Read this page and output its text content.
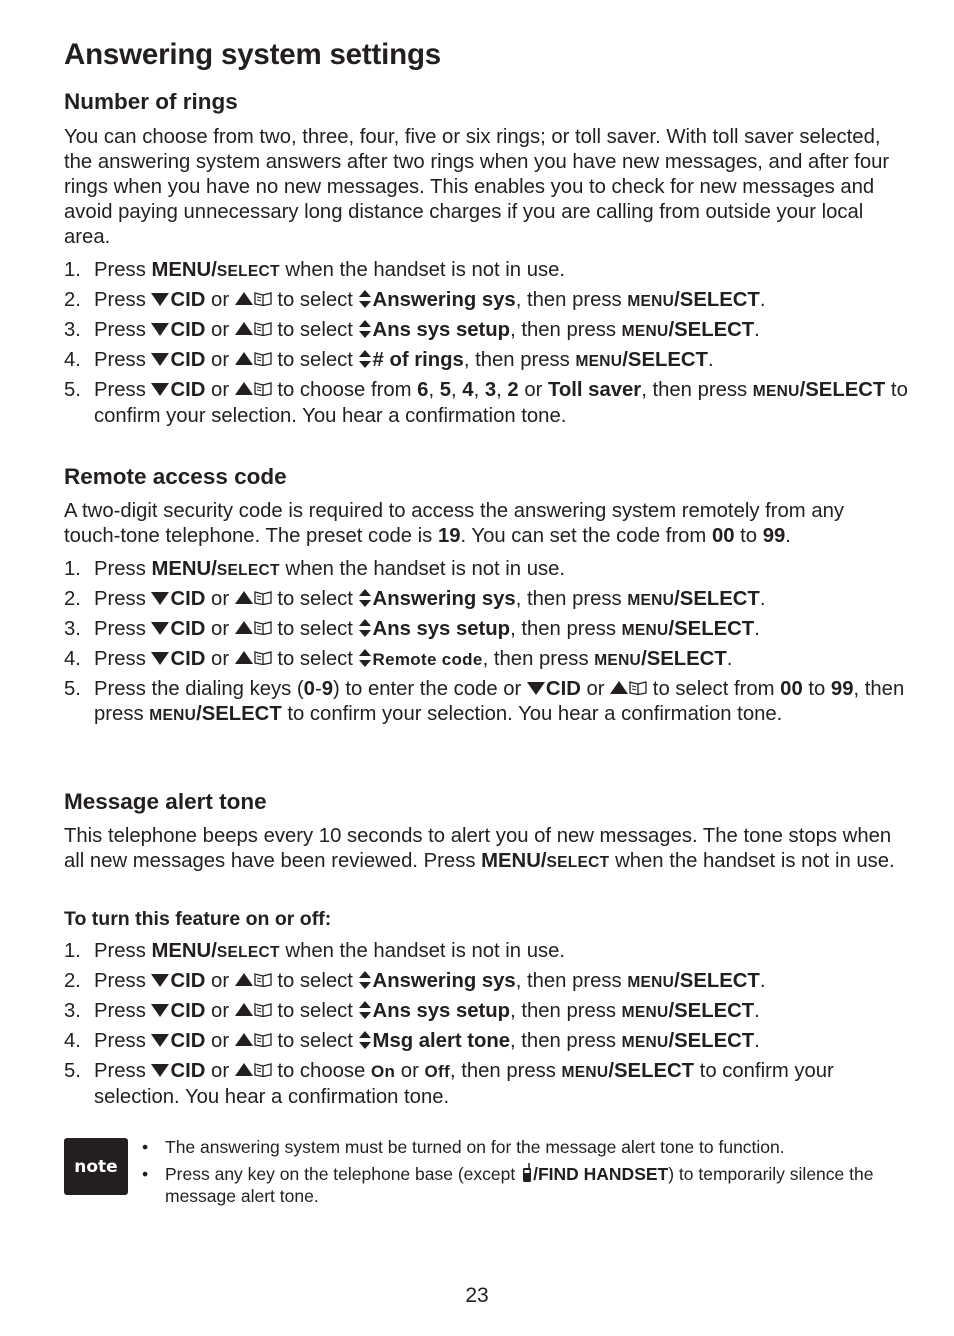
Answering system settings
Number of rings

You can choose from two, three, four, five or six rings; or toll saver. With toll saver selected, the answering system answers after two rings when you have new messages, and after four rings when you have no new messages. This enables you to check for new messages and avoid paying unnecessary long distance charges if you are calling from outside your local area.

1. Press MENU/SELECT when the handset is not in use.
2. Press CID or  to select Answering sys, then press MENU/SELECT.
3. Press CID or  to select Ans sys setup, then press MENU/SELECT.
4. Press CID or  to select # of rings, then press MENU/SELECT.
5. Press CID or  to choose from 6, 5, 4, 3, 2 or Toll saver, then press MENU/SELECT to confirm your selection. You hear a confirmation tone.
Remote access code

A two-digit security code is required to access the answering system remotely from any touch-tone telephone. The preset code is 19. You can set the code from 00 to 99.

1. Press MENU/SELECT when the handset is not in use.
2. Press CID or  to select Answering sys, then press MENU/SELECT.
3. Press CID or  to select Ans sys setup, then press MENU/SELECT.
4. Press CID or  to select Remote code, then press MENU/SELECT.
5. Press the dialing keys (0-9) to enter the code or CID or  to select from 00 to 99, then press MENU/SELECT to confirm your selection. You hear a confirmation tone.
Message alert tone

This telephone beeps every 10 seconds to alert you of new messages. The tone stops when all new messages have been reviewed. Press MENU/SELECT when the handset is not in use.

To turn this feature on or off:

1. Press MENU/SELECT when the handset is not in use.
2. Press CID or  to select Answering sys, then press MENU/SELECT.
3. Press CID or  to select Ans sys setup, then press MENU/SELECT.
4. Press CID or  to select Msg alert tone, then press MENU/SELECT.
5. Press CID or  to choose On or Off, then press MENU/SELECT to confirm your selection. You hear a confirmation tone.
note
• The answering system must be turned on for the message alert tone to function.
• Press any key on the telephone base (except /FIND HANDSET) to temporarily silence the message alert tone.
23
